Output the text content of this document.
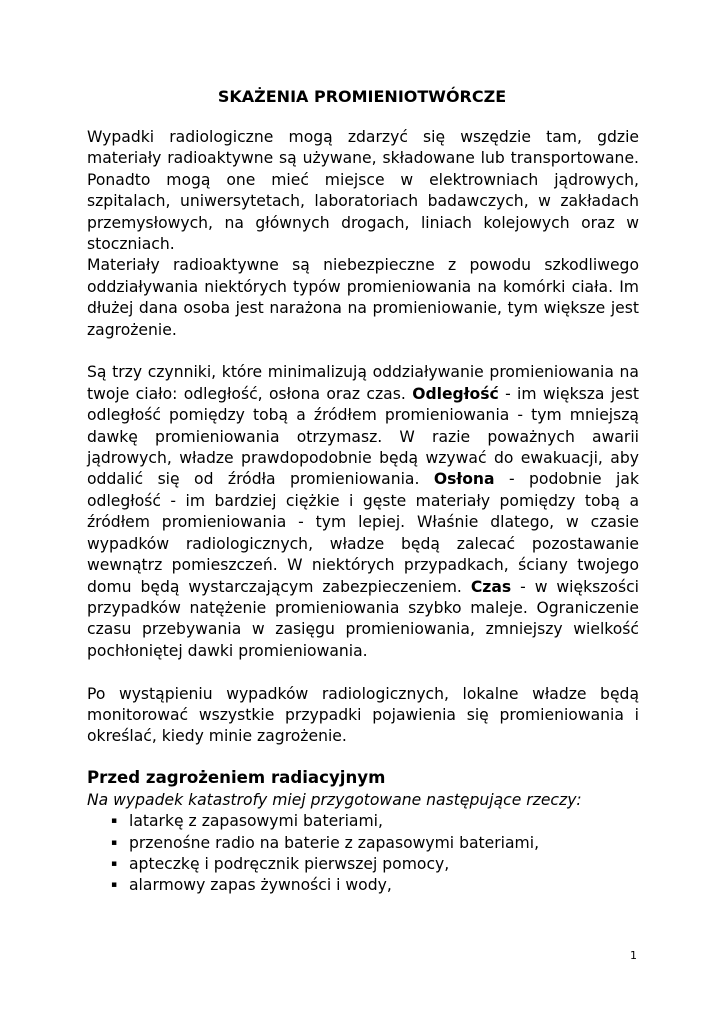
SKAŻENIA PROMIENIOTWÓRCZE

Wypadki radiologiczne mogą zdarzyć się wszędzie tam, gdzie materiały radioaktywne są używane, składowane lub transportowane. Ponadto mogą one mieć miejsce w elektrowniach jądrowych, szpitalach, uniwersytetach, laboratoriach badawczych, w zakładach przemysłowych, na głównych drogach, liniach kolejowych oraz w stoczniach.

Materiały radioaktywne są niebezpieczne z powodu szkodliwego oddziaływania niektórych typów promieniowania na komórki ciała. Im dłużej dana osoba jest narażona na promieniowanie, tym większe jest zagrożenie.

Są trzy czynniki, które minimalizują oddziaływanie promieniowania na twoje ciało: odległość, osłona oraz czas. Odległość - im większa jest odległość pomiędzy tobą a źródłem promieniowania - tym mniejszą dawkę promieniowania otrzymasz. W razie poważnych awarii jądrowych, władze prawdopodobnie będą wzywać do ewakuacji, aby oddalić się od źródła promieniowania. Osłona - podobnie jak odległość - im bardziej ciężkie i gęste materiały pomiędzy tobą a źródłem promieniowania - tym lepiej. Właśnie dlatego, w czasie wypadków radiologicznych, władze będą zalecać pozostawanie wewnątrz pomieszczeń. W niektórych przypadkach, ściany twojego domu będą wystarczającym zabezpieczeniem. Czas - w większości przypadków natężenie promieniowania szybko maleje. Ograniczenie czasu przebywania w zasięgu promieniowania, zmniejszy wielkość pochłoniętej dawki promieniowania.

Po wystąpieniu wypadków radiologicznych, lokalne władze będą monitorować wszystkie przypadki pojawienia się promieniowania i określać, kiedy minie zagrożenie.

Przed zagrożeniem radiacyjnym

Na wypadek katastrofy miej przygotowane następujące rzeczy:

▪ latarkę z zapasowymi bateriami,
▪ przenośne radio na baterie z zapasowymi bateriami,
▪ apteczkę i podręcznik pierwszej pomocy,
▪ alarmowy zapas żywności i wody,
1
